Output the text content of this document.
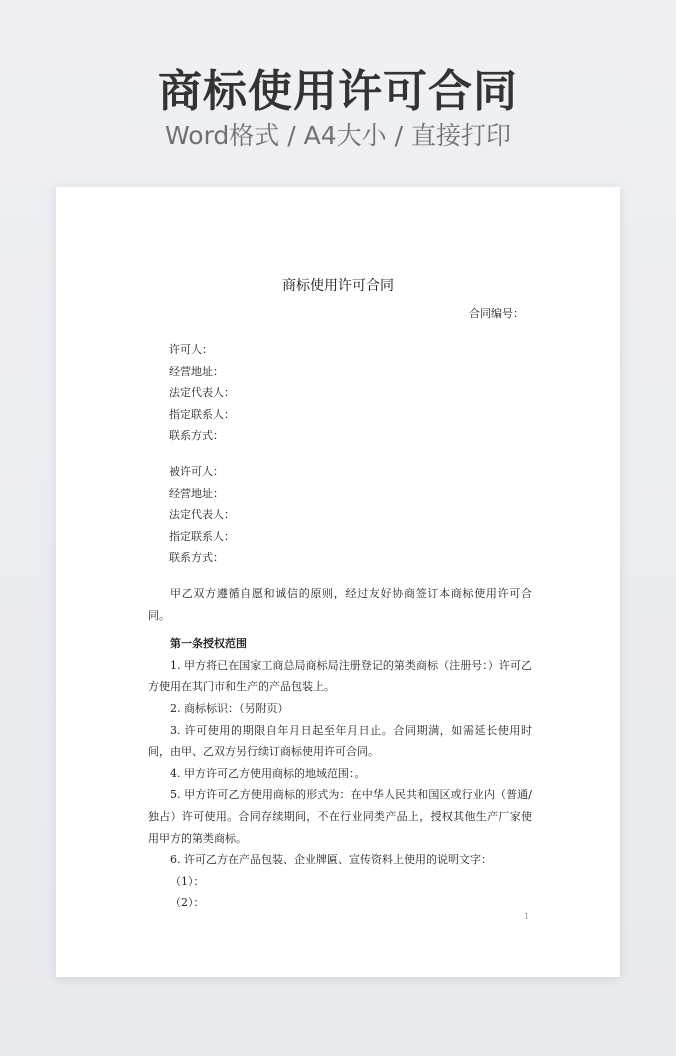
商标使用许可合同
Word格式 / A4大小 / 直接打印
商标使用许可合同
合同编号：
许可人：
经营地址：
法定代表人：
指定联系人：
联系方式：
被许可人：
经营地址：
法定代表人：
指定联系人：
联系方式：

甲乙双方遵循自愿和诚信的原则，经过友好协商签订本商标使用许可合同。

第一条授权范围

1. 甲方将已在国家工商总局商标局注册登记的第类商标（注册号：）许可乙方使用在其门市和生产的产品包装上。

2. 商标标识：（另附页）

3. 许可使用的期限自年月日起至年月日止。合同期满，如需延长使用时间，由甲、乙双方另行续订商标使用许可合同。

4. 甲方许可乙方使用商标的地域范围：。

5. 甲方许可乙方使用商标的形式为：在中华人民共和国区或行业内（普通/独占）许可使用。合同存续期间，不在行业同类产品上，授权其他生产厂家使用甲方的第类商标。

6. 许可乙方在产品包装、企业牌匾、宣传资料上使用的说明文字：

（1）：
（2）：
1
